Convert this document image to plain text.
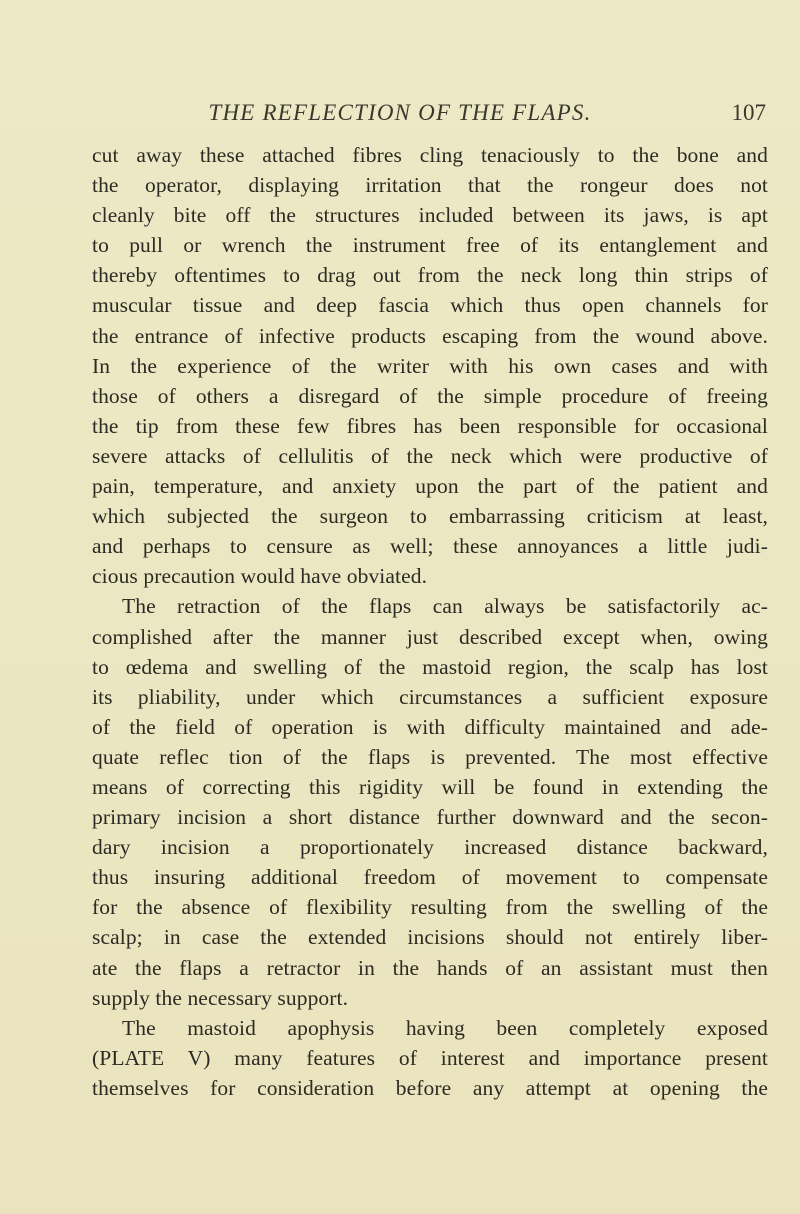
THE REFLECTION OF THE FLAPS.	107
cut away these attached fibres cling tenaciously to the bone and
the operator, displaying irritation that the rongeur does not
cleanly bite off the structures included between its jaws, is apt
to pull or wrench the instrument free of its entanglement and
thereby oftentimes to drag out from the neck long thin strips of
muscular tissue and deep fascia which thus open channels for
the entrance of infective products escaping from the wound above.
In the experience of the writer with his own cases and with
those of others a disregard of the simple procedure of freeing
the tip from these few fibres has been responsible for occasional
severe attacks of cellulitis of the neck which were productive of
pain, temperature, and anxiety upon the part of the patient and
which subjected the surgeon to embarrassing criticism at least,
and perhaps to censure as well; these annoyances a little judi-
cious precaution would have obviated.
The retraction of the flaps can always be satisfactorily ac-
complished after the manner just described except when, owing
to œdema and swelling of the mastoid region, the scalp has lost
its pliability, under which circumstances a sufficient exposure
of the field of operation is with difficulty maintained and ade-
quate reflec tion of the flaps is prevented. The most effective
means of correcting this rigidity will be found in extending the
primary incision a short distance further downward and the secon-
dary incision a proportionately increased distance backward,
thus insuring additional freedom of movement to compensate
for the absence of flexibility resulting from the swelling of the
scalp; in case the extended incisions should not entirely liber-
ate the flaps a retractor in the hands of an assistant must then
supply the necessary support.
The mastoid apophysis having been completely exposed
(PLATE V) many features of interest and importance present
themselves for consideration before any attempt at opening the
